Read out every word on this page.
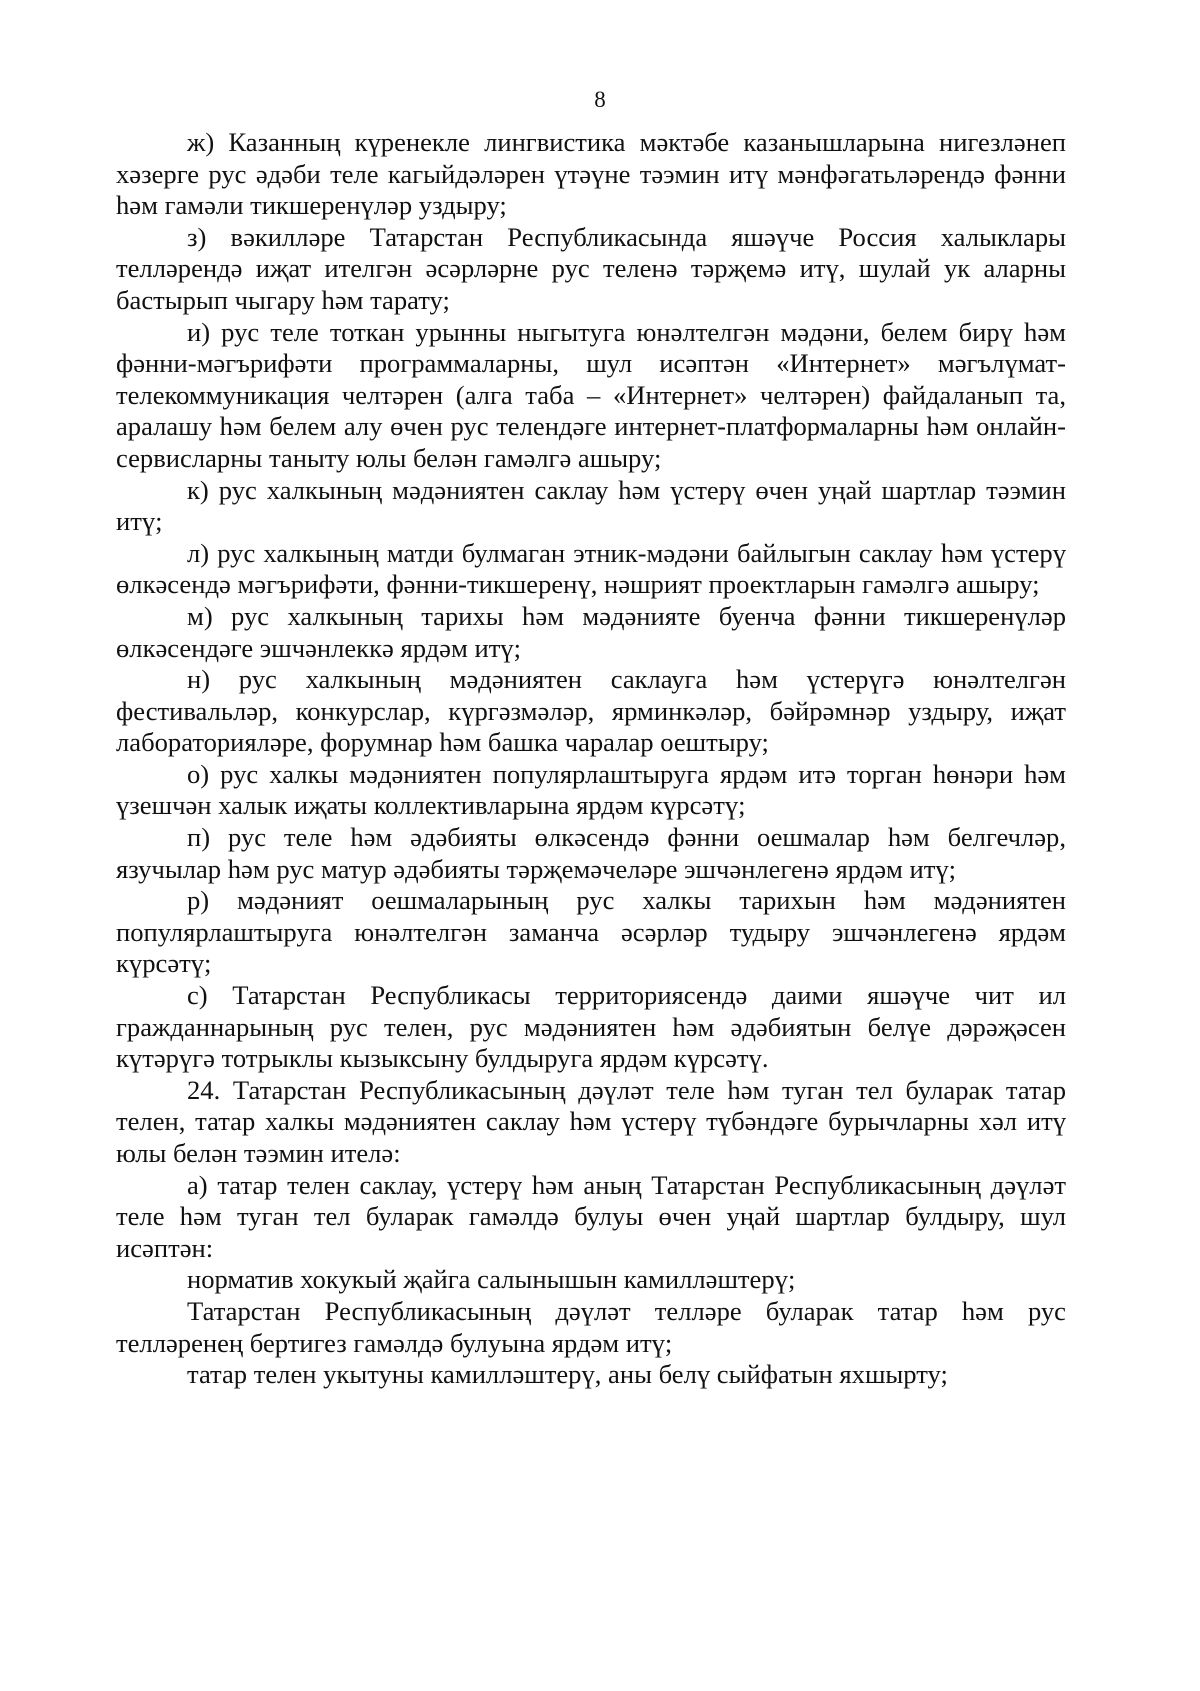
8

ж) Казанның күренекле лингвистика мәктәбе казанышларына нигезләнеп хәзерге рус әдәби теле кагыйдәләрен үтәүне тәэмин итү мәнфәгатьләрендә фәнни һәм гамәли тикшеренүләр уздыру;

з) вәкилләре Татарстан Республикасында яшәүче Россия халыклары телләрендә иҗат ителгән әсәрләрне рус теленә тәрҗемә итү, шулай ук аларны бастырып чыгару һәм тарату;

и) рус теле тоткан урынны ныгытуга юнәлтелгән мәдәни, белем бирү һәм фәнни-мәгърифәти программаларны, шул исәптән «Интернет» мәгълүмат-телекоммуникация челтәрен (алга таба – «Интернет» челтәрен) файдаланып та, аралашу һәм белем алу өчен рус телендәге интернет-платформаларны һәм онлайн-сервисларны таныту юлы белән гамәлгә ашыру;

к) рус халкының мәдәниятен саклау һәм үстерү өчен уңай шартлар тәэмин итү;

л) рус халкының матди булмаган этник-мәдәни байлыгын саклау һәм үстерү өлкәсендә мәгърифәти, фәнни-тикшеренү, нәшрият проектларын гамәлгә ашыру;

м) рус халкының тарихы һәм мәдәнияте буенча фәнни тикшеренүләр өлкәсендәге эшчәнлеккә ярдәм итү;

н) рус халкының мәдәниятен саклауга һәм үстерүгә юнәлтелгән фестивальләр, конкурслар, күргәзмәләр, ярминкәләр, бәйрәмнәр уздыру, иҗат лабораторияләре, форумнар һәм башка чаралар оештыру;

о) рус халкы мәдәниятен популярлаштыруга ярдәм итә торган һөнәри һәм үзешчән халык иҗаты коллективларына ярдәм күрсәтү;

п) рус теле һәм әдәбияты өлкәсендә фәнни оешмалар һәм белгечләр, язучылар һәм рус матур әдәбияты тәрҗемәчеләре эшчәнлегенә ярдәм итү;

р) мәдәният оешмаларының рус халкы тарихын һәм мәдәниятен популярлаштыруга юнәлтелгән заманча әсәрләр тудыру эшчәнлегенә ярдәм күрсәтү;

с) Татарстан Республикасы территориясендә даими яшәүче чит ил гражданнарының рус телен, рус мәдәниятен һәм әдәбиятын белүе дәрәҗәсен күтәрүгә тотрыклы кызыксыну булдыруга ярдәм күрсәтү.

24. Татарстан Республикасының дәүләт теле һәм туган тел буларак татар телен, татар халкы мәдәниятен саклау һәм үстерү түбәндәге бурычларны хәл итү юлы белән тәэмин ителә:

а) татар телен саклау, үстерү һәм аның Татарстан Республикасының дәүләт теле һәм туган тел буларак гамәлдә булуы өчен уңай шартлар булдыру, шул исәптән:

норматив хокукый җайга салынышын камилләштерү;

Татарстан Республикасының дәүләт телләре буларак татар һәм рус телләренең бертигез гамәлдә булуына ярдәм итү;

татар телен укытуны камилләштерү, аны белү сыйфатын яхшырту;
